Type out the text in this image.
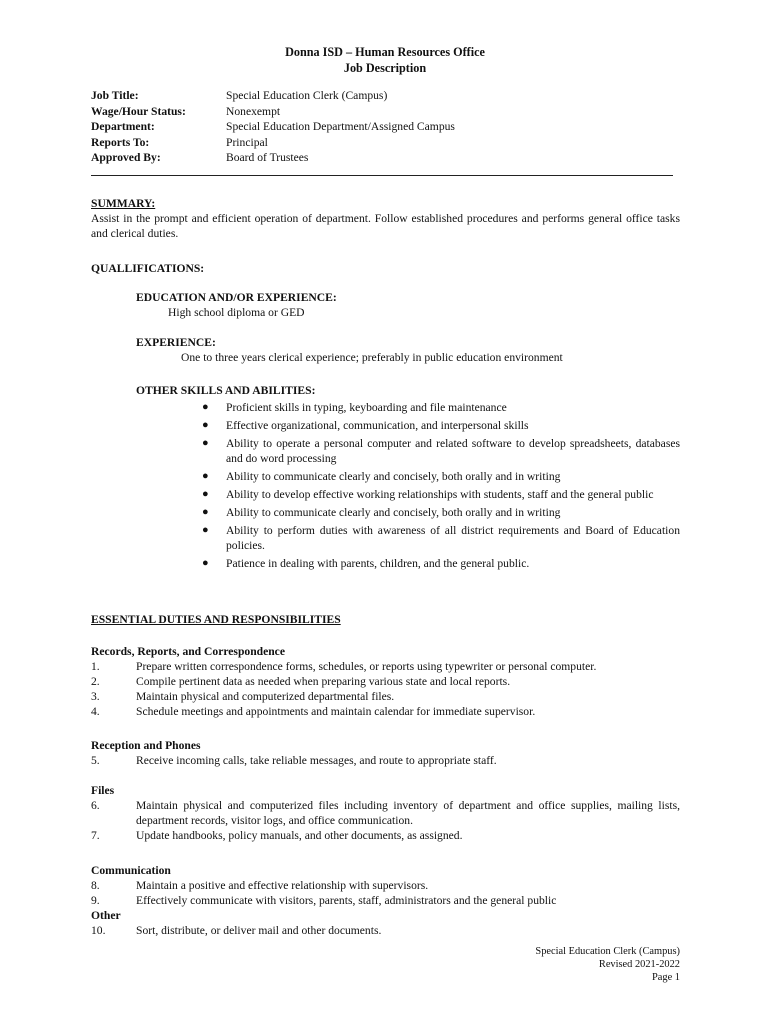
Donna ISD – Human Resources Office
Job Description
Job Title:	Special Education Clerk (Campus)
Wage/Hour Status:	Nonexempt
Department:	Special Education Department/Assigned Campus
Reports To:	Principal
Approved By:	Board of Trustees
SUMMARY:
Assist in the prompt and efficient operation of department. Follow established procedures and performs general office tasks and clerical duties.
QUALLIFICATIONS:
EDUCATION AND/OR EXPERIENCE:
High school diploma or GED
EXPERIENCE:
One to three years clerical experience; preferably in public education environment
OTHER SKILLS AND ABILITIES:
● Proficient skills in typing, keyboarding and file maintenance
● Effective organizational, communication, and interpersonal skills
● Ability to operate a personal computer and related software to develop spreadsheets, databases and do word processing
● Ability to communicate clearly and concisely, both orally and in writing
● Ability to develop effective working relationships with students, staff and the general public
● Ability to communicate clearly and concisely, both orally and in writing
● Ability to perform duties with awareness of all district requirements and Board of Education policies.
● Patience in dealing with parents, children, and the general public.
ESSENTIAL DUTIES AND RESPONSIBILITIES
Records, Reports, and Correspondence
1.	Prepare written correspondence forms, schedules, or reports using typewriter or personal computer.
2.	Compile pertinent data as needed when preparing various state and local reports.
3.	Maintain physical and computerized departmental files.
4.	Schedule meetings and appointments and maintain calendar for immediate supervisor.
Reception and Phones
5.	Receive incoming calls, take reliable messages, and route to appropriate staff.
Files
6.	Maintain physical and computerized files including inventory of department and office supplies, mailing lists, department records, visitor logs, and office communication.
7.	Update handbooks, policy manuals, and other documents, as assigned.
Communication
8.	Maintain a positive and effective relationship with supervisors.
9.	Effectively communicate with visitors, parents, staff, administrators and the general public
Other
10.	Sort, distribute, or deliver mail and other documents.
Special Education Clerk (Campus)
Revised 2021-2022
Page 1
